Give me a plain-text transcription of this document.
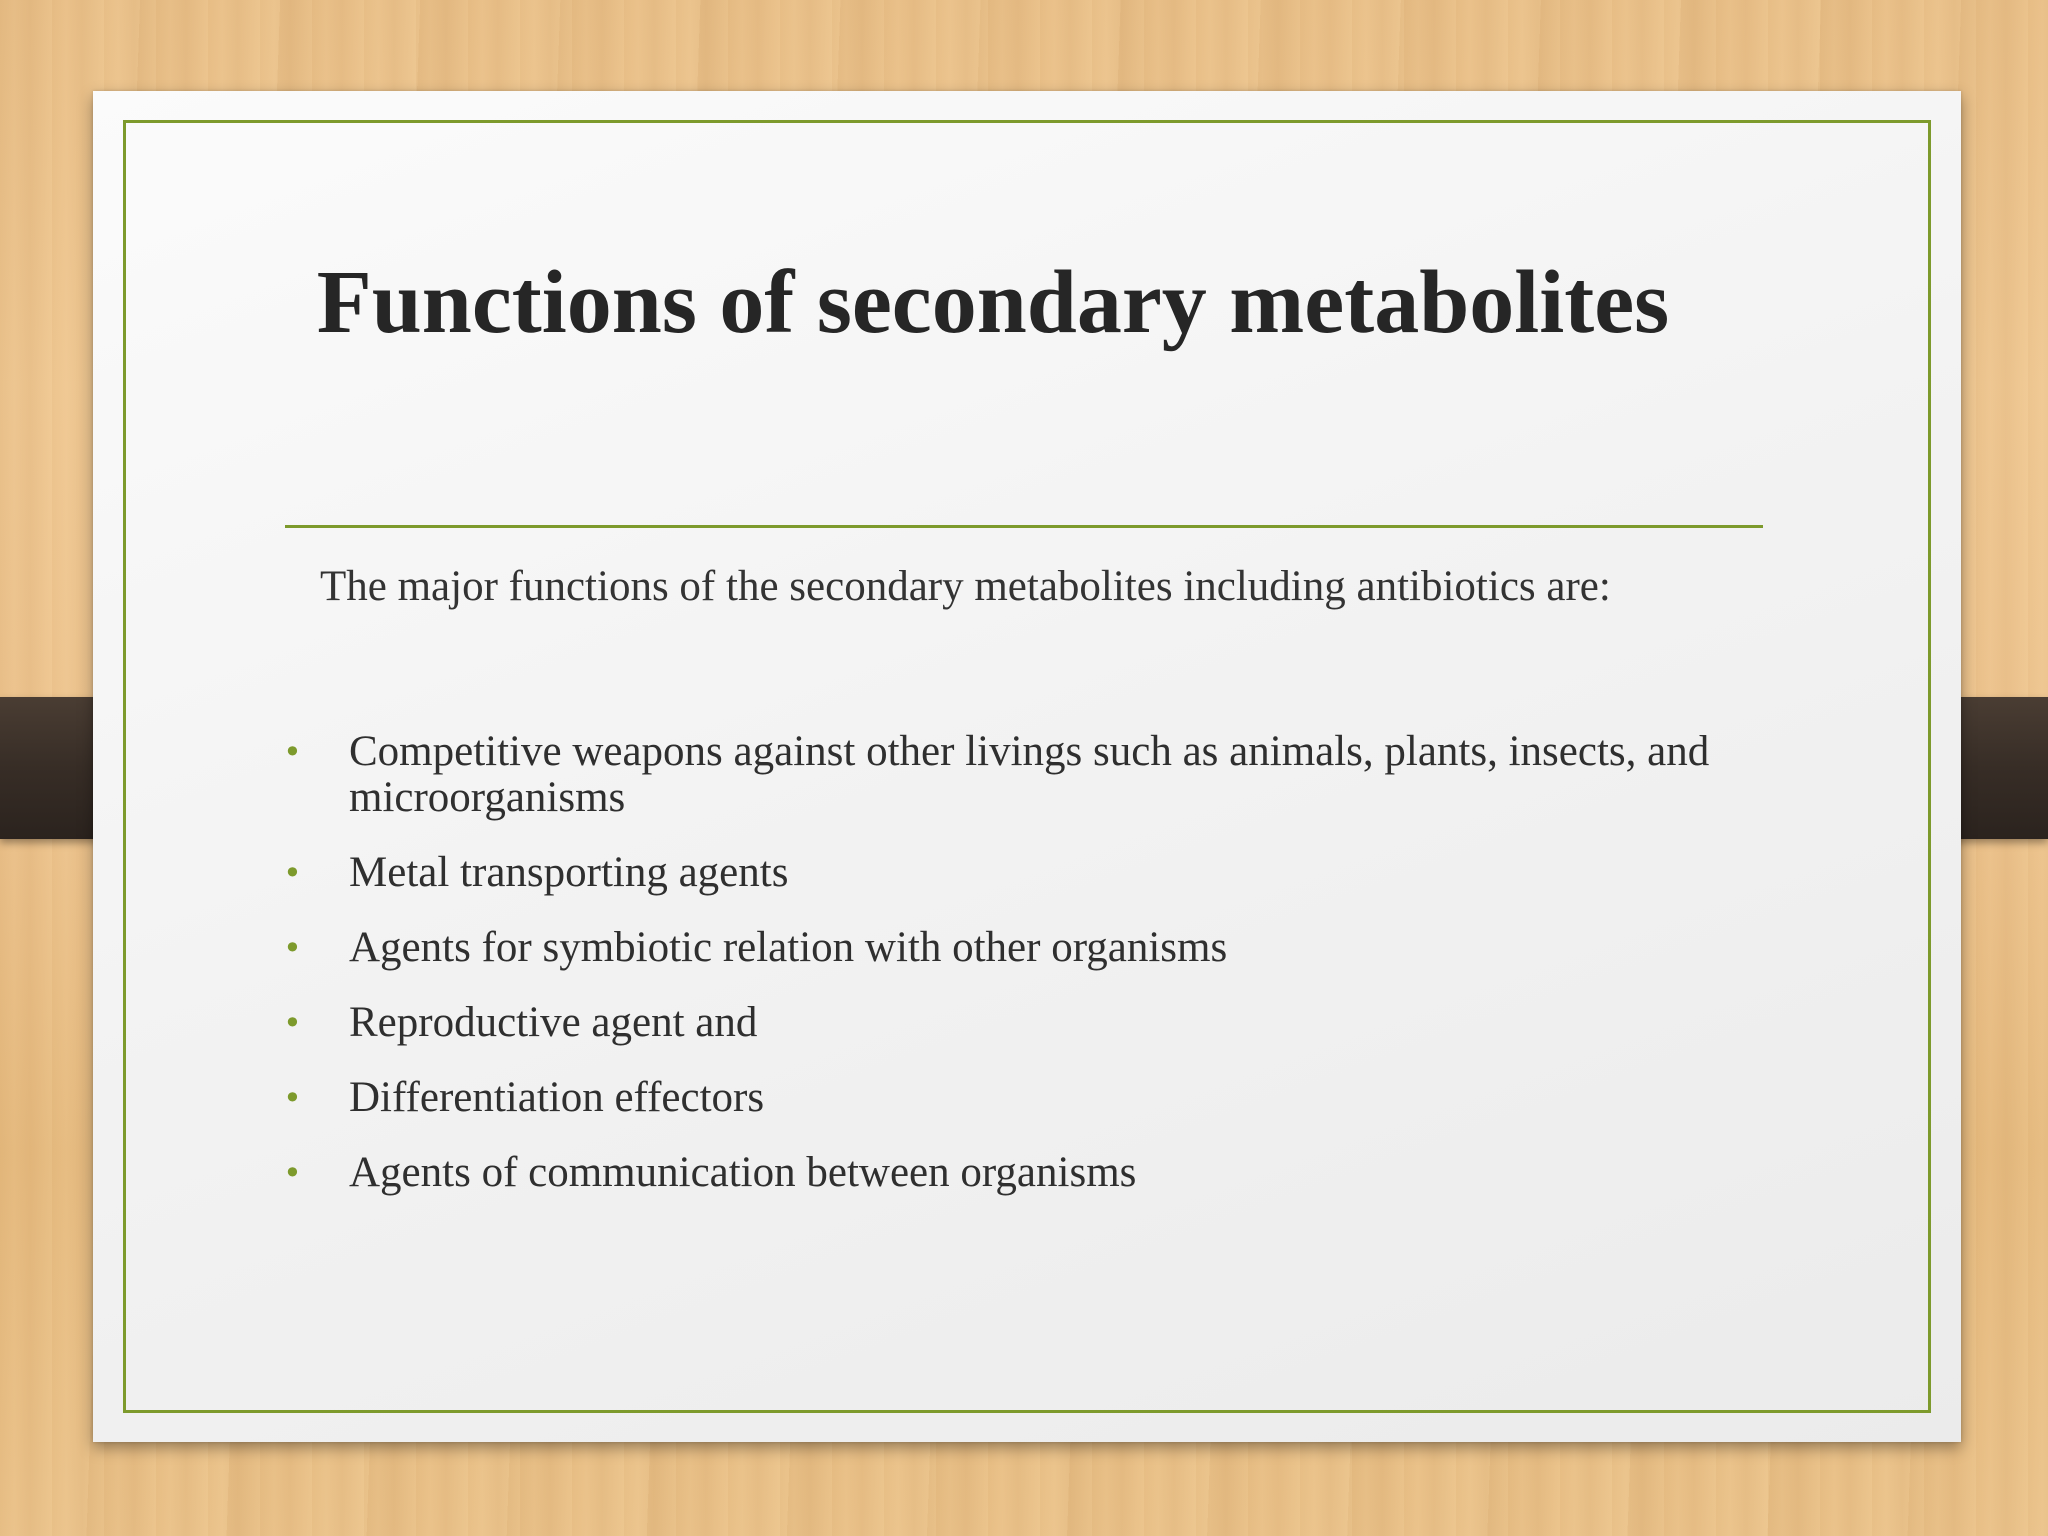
Functions of secondary metabolites
The major functions of the secondary metabolites including antibiotics are:
• Competitive weapons against other livings such as animals, plants, insects, and microorganisms
• Metal transporting agents
• Agents for symbiotic relation with other organisms
• Reproductive agent and
• Differentiation effectors
• Agents of communication between organisms
